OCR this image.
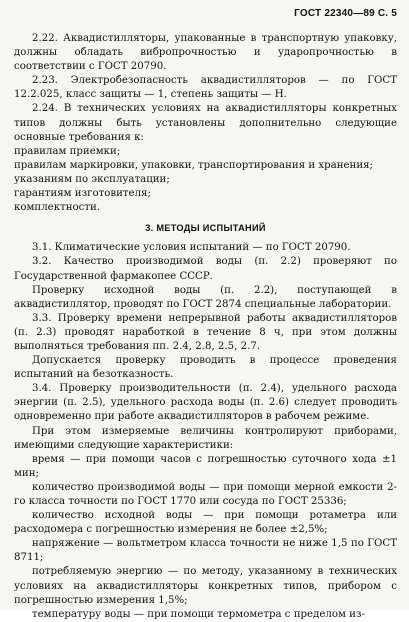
ГОСТ 22340—89 С. 5

2.22. Аквадистилляторы, упакованные в транспортную упаковку, должны обладать вибропрочностью и ударопрочностью в соответствии с ГОСТ 20790.

2.23. Электробезопасность аквадистилляторов — по ГОСТ 12.2.025, класс защиты — 1, степень защиты — Н.

2.24. В технических условиях на аквадистилляторы конкретных типов должны быть установлены дополнительно следующие основные требования к:

правилам приемки;
правилам маркировки, упаковки, транспортирования и хранения;
указаниям по эксплуатации;
гарантиям изготовителя;
комплектности.
3. МЕТОДЫ ИСПЫТАНИЙ

3.1. Климатические условия испытаний — по ГОСТ 20790.

3.2. Качество производимой воды (п. 2.2) проверяют по Государственной фармакопее СССР.

Проверку исходной воды (п. 2.2), поступающей в аквадистиллятор, проводят по ГОСТ 2874 специальные лаборатории.

3.3. Проверку времени непрерывной работы аквадистилляторов (п. 2.3) проводят наработкой в течение 8 ч, при этом должны выполняться требования пп. 2.4, 2.8, 2.5, 2.7.

Допускается проверку проводить в процессе проведения испытаний на безотказность.

3.4. Проверку производительности (п. 2.4), удельного расхода энергии (п. 2.5), удельного расхода воды (п. 2.6) следует проводить одновременно при работе аквадистилляторов в рабочем режиме.

При этом измеряемые величины контролируют приборами, имеющими следующие характеристики:

время — при помощи часов с погрешностью суточного хода ±1 мин;

количество производимой воды — при помощи мерной емкости 2-го класса точности по ГОСТ 1770 или сосуда по ГОСТ 25336;

количество исходной воды — при помощи ротаметра или расходомера с погрешностью измерения не более ±2,5%;

напряжение — вольтметром класса точности не ниже 1,5 по ГОСТ 8711;

потребляемую энергию — по методу, указанному в технических условиях на аквадистилляторы конкретных типов, прибором с погрешностью измерения 1,5%;

температуру воды — при помощи термометра с пределом из-
